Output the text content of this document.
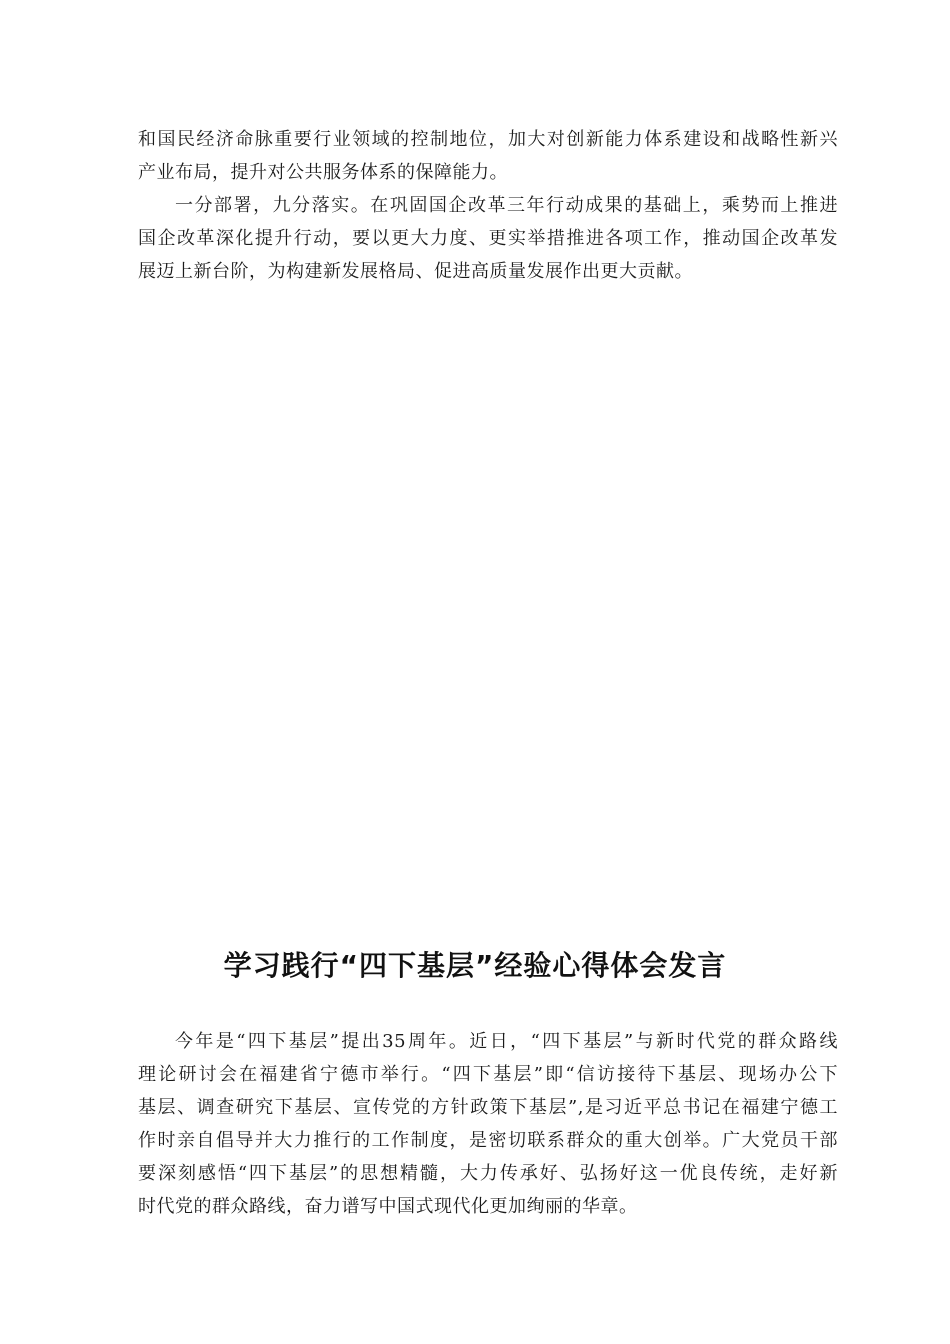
和国民经济命脉重要行业领域的控制地位，加大对创新能力体系建设和战略性新兴
产业布局，提升对公共服务体系的保障能力。
一分部署，九分落实。在巩固国企改革三年行动成果的基础上，乘势而上推进
国企改革深化提升行动，要以更大力度、更实举措推进各项工作，推动国企改革发
展迈上新台阶，为构建新发展格局、促进高质量发展作出更大贡献。
学习践行“四下基层”经验心得体会发言
今年是“四下基层”提出35周年。近日，“四下基层”与新时代党的群众路线
理论研讨会在福建省宁德市举行。“四下基层”即“信访接待下基层、现场办公下
基层、调查研究下基层、宣传党的方针政策下基层”,是习近平总书记在福建宁德工
作时亲自倡导并大力推行的工作制度，是密切联系群众的重大创举。广大党员干部
要深刻感悟“四下基层”的思想精髓，大力传承好、弘扬好这一优良传统，走好新
时代党的群众路线，奋力谱写中国式现代化更加绚丽的华章。
